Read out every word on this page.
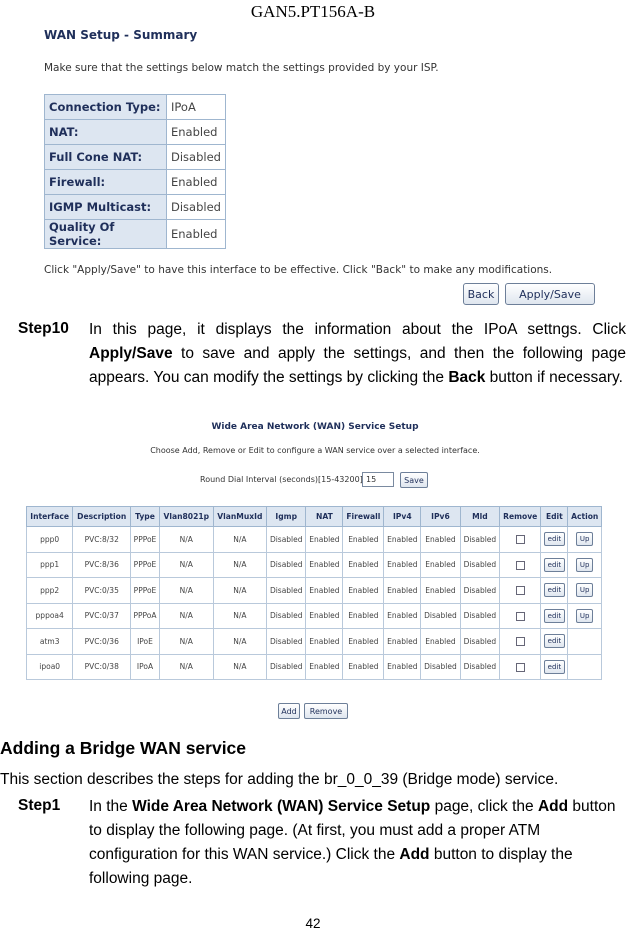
GAN5.PT156A-B
WAN Setup - Summary
Make sure that the settings below match the settings provided by your ISP.
Connection Type:	IPoA
NAT:	Enabled
Full Cone NAT:	Disabled
Firewall:	Enabled
IGMP Multicast:	Disabled
Quality Of Service:	Enabled
Click "Apply/Save" to have this interface to be effective. Click "Back" to make any modifications.
Back	Apply/Save
Step10 In this page, it displays the information about the IPoA settngs. Click Apply/Save to save and apply the settings, and then the following page appears. You can modify the settings by clicking the Back button if necessary.
Wide Area Network (WAN) Service Setup
Choose Add, Remove or Edit to configure a WAN service over a selected interface.
Round Dial Interval (seconds)[15-43200] 15	Save
Interface	Description	Type	Vlan8021p	VlanMuxId	Igmp	NAT	Firewall	IPv4	IPv6	Mld	Remove	Edit	Action
ppp0	PVC:8/32	PPPoE	N/A	N/A	Disabled	Enabled	Enabled	Enabled	Enabled	Disabled		edit	Up
ppp1	PVC:8/36	PPPoE	N/A	N/A	Disabled	Enabled	Enabled	Enabled	Enabled	Disabled		edit	Up
ppp2	PVC:0/35	PPPoE	N/A	N/A	Disabled	Enabled	Enabled	Enabled	Enabled	Disabled		edit	Up
pppoa4	PVC:0/37	PPPoA	N/A	N/A	Disabled	Enabled	Enabled	Enabled	Disabled	Disabled		edit	Up
atm3	PVC:0/36	IPoE	N/A	N/A	Disabled	Enabled	Enabled	Enabled	Enabled	Disabled		edit	
ipoa0	PVC:0/38	IPoA	N/A	N/A	Disabled	Enabled	Enabled	Enabled	Disabled	Disabled		edit	
Add	Remove
Adding a Bridge WAN service
This section describes the steps for adding the br_0_0_39 (Bridge mode) service.
Step1 In the Wide Area Network (WAN) Service Setup page, click the Add button to display the following page. (At first, you must add a proper ATM configuration for this WAN service.) Click the Add button to display the following page.
42
